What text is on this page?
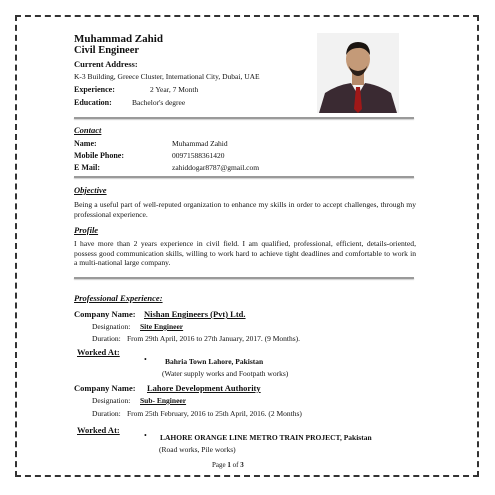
Muhammad Zahid
Civil Engineer
Current Address:
K-3 Building, Greece Cluster, International City, Dubai, UAE
Experience:	2 Year, 7 Month
Education:	Bachelor's degree
Contact
Name:	Muhammad Zahid
Mobile Phone:	00971588361420
E Mail:	zahiddogar8787@gmail.com
Objective
Being a useful part of well-reputed organization to enhance my skills in order to accept challenges, through my professional experience.
Profile
I have more than 2 years experience in civil field. I am qualified, professional, efficient, details-oriented, possess good communication skills, willing to work hard to achieve tight deadlines and comfortable to work in a multi-national large company.
Professional Experience:
Company Name: Nishan Engineers (Pvt) Ltd.
Designation: Site Engineer
Duration: From 29th April, 2016 to 27th January, 2017. (9 Months).
Worked At:
• Bahria Town Lahore, Pakistan
(Water supply works and Footpath works)
Company Name: Lahore Development Authority
Designation: Sub- Engineer
Duration: From 25th February, 2016 to 25th April, 2016. (2 Months)
Worked At:
• LAHORE ORANGE LINE METRO TRAIN PROJECT, Pakistan
(Road works, Pile works)
Page 1 of 3
